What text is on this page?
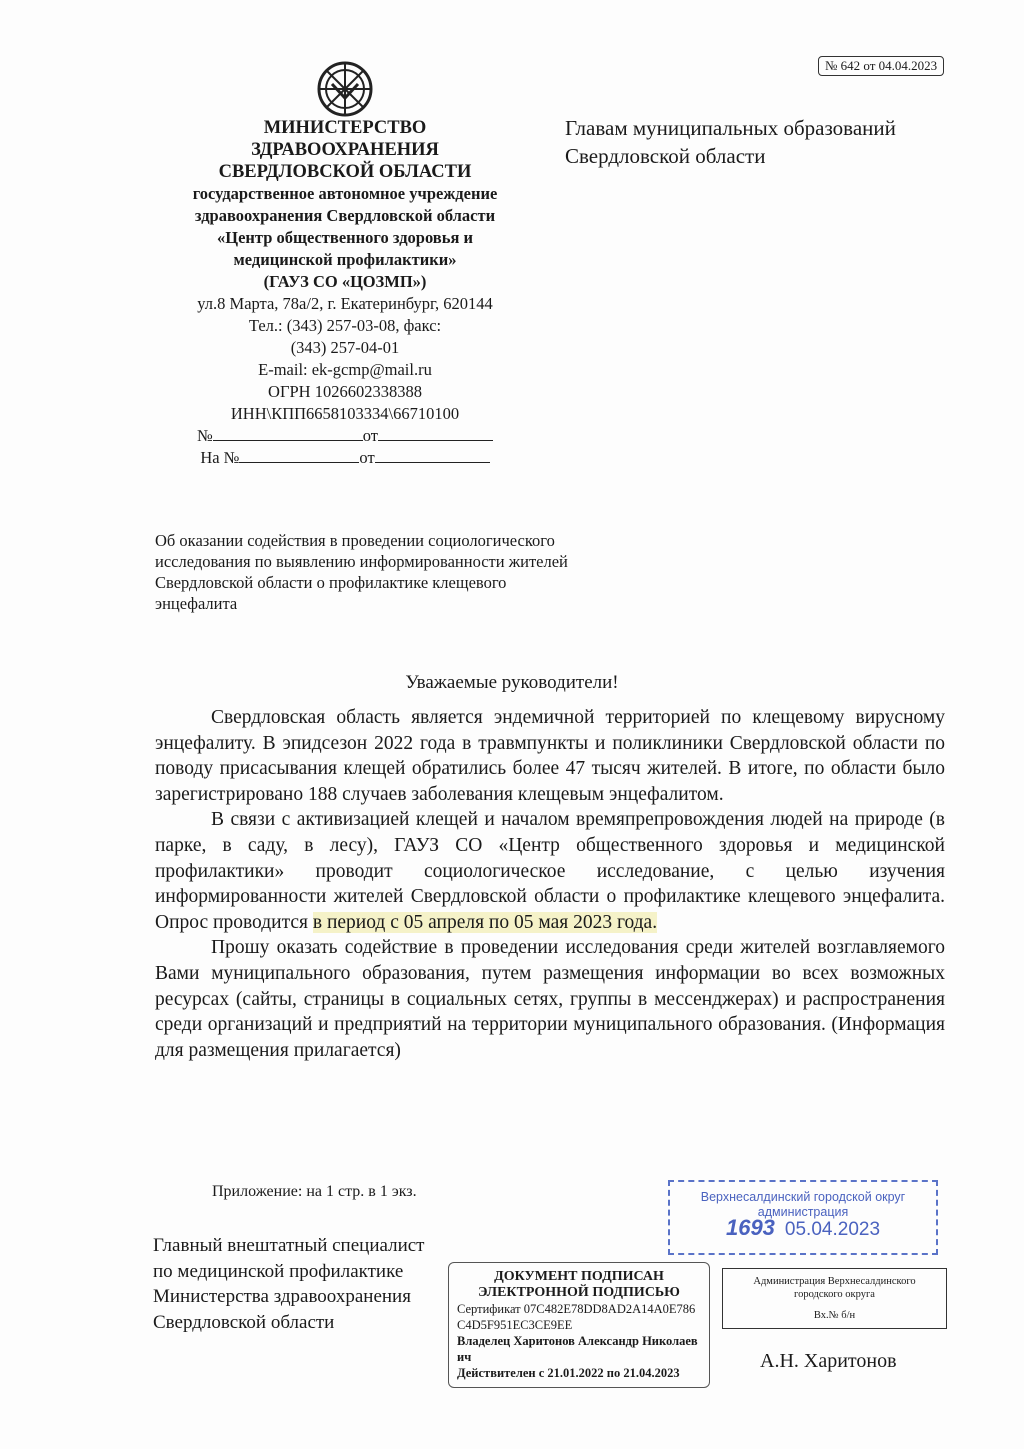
№ 642 от 04.04.2023
МИНИСТЕРСТВО
ЗДРАВООХРАНЕНИЯ
СВЕРДЛОВСКОЙ ОБЛАСТИ
государственное автономное учреждение
здравоохранения Свердловской области
«Центр общественного здоровья и
медицинской профилактики»
(ГАУЗ СО «ЦОЗМП»)
ул.8 Марта, 78а/2, г. Екатеринбург, 620144
Тел.: (343) 257-03-08, факс:
(343) 257-04-01
E-mail: ek-gcmp@mail.ru
ОГРН 1026602338388
ИНН\КПП6658103334\66710100
№	от
На №	от
Главам муниципальных образований
Свердловской области
Об оказании содействия в проведении социологического исследования по выявлению информированности жителей Свердловской области о профилактике клещевого энцефалита
Уважаемые руководители!

Свердловская область является эндемичной территорией по клещевому вирусному энцефалиту. В эпидсезон 2022 года в травмпункты и поликлиники Свердловской области по поводу присасывания клещей обратились более 47 тысяч жителей. В итоге, по области было зарегистрировано 188 случаев заболевания клещевым энцефалитом.

В связи с активизацией клещей и началом времяпрепровождения людей на природе (в парке, в саду, в лесу), ГАУЗ СО «Центр общественного здоровья и медицинской профилактики» проводит социологическое исследование, с целью изучения информированности жителей Свердловской области о профилактике клещевого энцефалита. Опрос проводится в период с 05 апреля по 05 мая 2023 года.

Прошу оказать содействие в проведении исследования среди жителей возглавляемого Вами муниципального образования, путем размещения информации во всех возможных ресурсах (сайты, страницы в социальных сетях, группы в мессенджерах) и распространения среди организаций и предприятий на территории муниципального образования. (Информация для размещения прилагается)

Приложение: на 1 стр. в 1 экз.
Главный внештатный специалист
по медицинской профилактике
Министерства здравоохранения
Свердловской области
Верхнесалдинский городской округ
администрация
1693 05.04.2023
ДОКУМЕНТ ПОДПИСАН
ЭЛЕКТРОННОЙ ПОДПИСЬЮ
Сертификат 07C482E78DD8AD2A14A0E786C4D5F951EC3CE9EE
Владелец Харитонов Александр Николаевич
Действителен с 21.01.2022 по 21.04.2023
Администрация Верхнесалдинского
городского округа
Вх.№ б/н
А.Н. Харитонов
